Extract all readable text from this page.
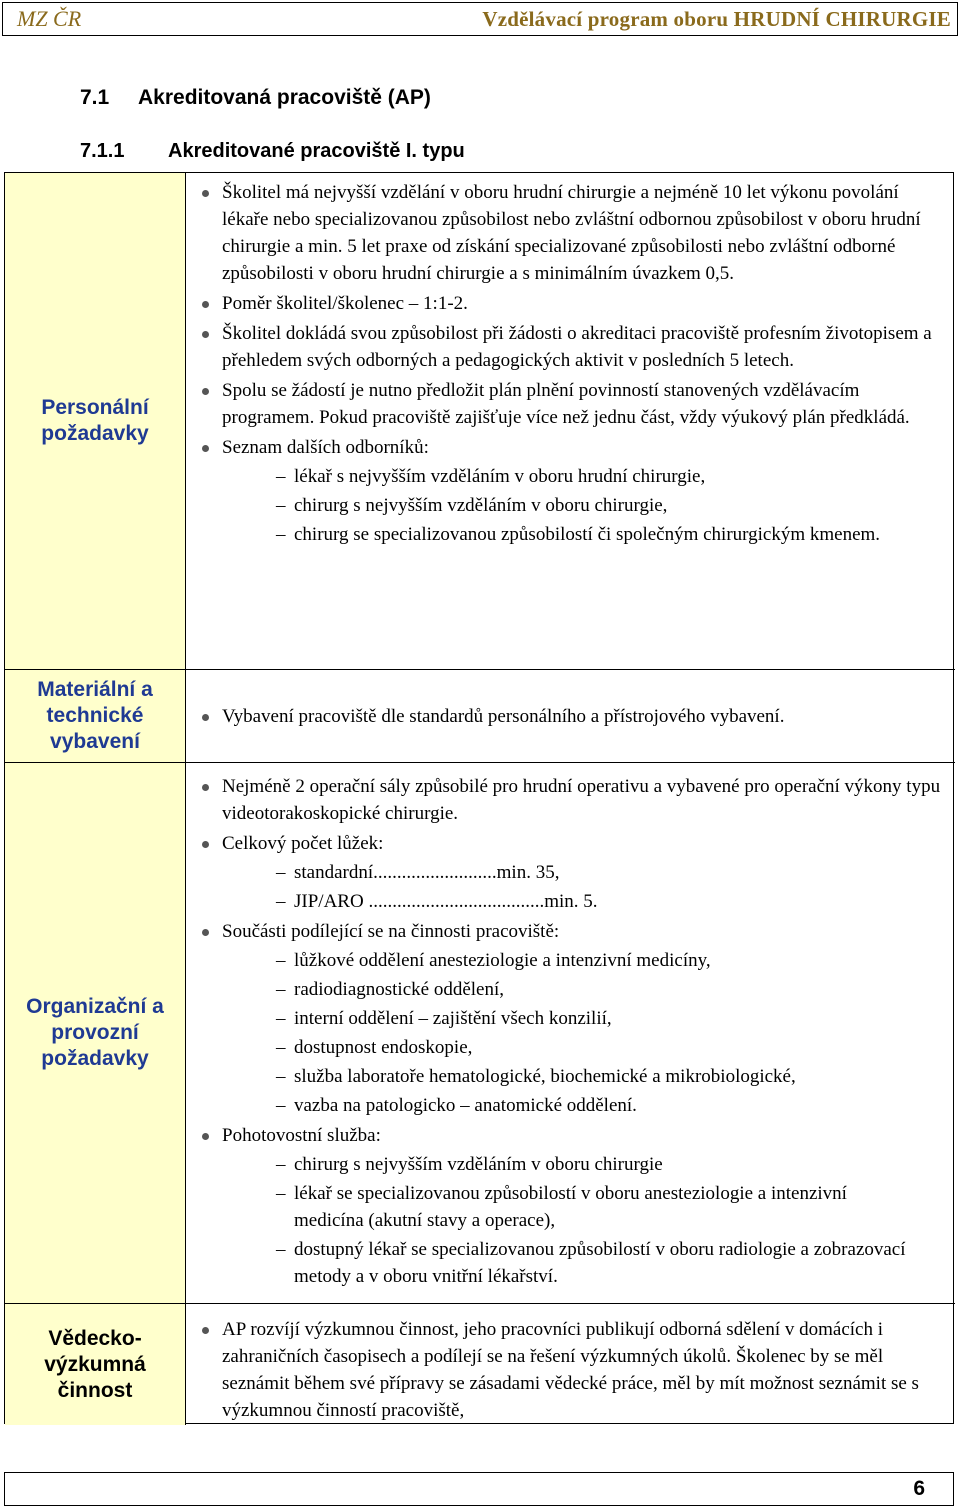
MZ ČR	Vzdělávací program oboru HRUDNÍ CHIRURGIE
7.1 Akreditovaná pracoviště (AP)
7.1.1 Akreditované pracoviště I. typu
Personální požadavky
Školitel má nejvyšší vzdělání v oboru hrudní chirurgie a nejméně 10 let výkonu povolání lékaře nebo specializovanou způsobilost nebo zvláštní odbornou způsobilost v oboru hrudní chirurgie a min. 5 let praxe od získání specializované způsobilosti nebo zvláštní odborné způsobilosti v oboru hrudní chirurgie a s minimálním úvazkem 0,5.
Poměr školitel/školenec – 1:1-2.
Školitel dokládá svou způsobilost při žádosti o akreditaci pracoviště profesním životopisem a přehledem svých odborných a pedagogických aktivit v posledních 5 letech.
Spolu se žádostí je nutno předložit plán plnění povinností stanovených vzdělávacím programem. Pokud pracoviště zajišťuje více než jednu část, vždy výukový plán předkládá.
Seznam dalších odborníků:
– lékař s nejvyšším vzděláním v oboru hrudní chirurgie,
– chirurg s nejvyšším vzděláním v oboru chirurgie,
– chirurg se specializovanou způsobilostí či společným chirurgickým kmenem.
Materiální a technické vybavení
Vybavení pracoviště dle standardů personálního a přístrojového vybavení.
Organizační a provozní požadavky
Nejméně 2 operační sály způsobilé pro hrudní operativu a vybavené pro operační výkony typu videotorakoskopické chirurgie.
Celkový počet lůžek:
– standardní..........................min. 35,
– JIP/ARO .....................................min. 5.
Součásti podílející se na činnosti pracoviště:
– lůžkové oddělení anesteziologie a intenzivní medicíny,
– radiodiagnostické oddělení,
– interní oddělení – zajištění všech konzilií,
– dostupnost endoskopie,
– služba laboratoře hematologické, biochemické a mikrobiologické,
– vazba na patologicko – anatomické oddělení.
Pohotovostní služba:
– chirurg s nejvyšším vzděláním v oboru chirurgie
– lékař se specializovanou způsobilostí v oboru anesteziologie a intenzivní medicína (akutní stavy a operace),
– dostupný lékař se specializovanou způsobilostí v oboru radiologie a zobrazovací metody a v oboru vnitřní lékařství.
Vědecko-výzkumná činnost
AP rozvíjí výzkumnou činnost, jeho pracovníci publikují odborná sdělení v domácích i zahraničních časopisech a podílejí se na řešení výzkumných úkolů. Školenec by se měl seznámit během své přípravy se zásadami vědecké práce, měl by mít možnost seznámit se s výzkumnou činností pracoviště,
6
